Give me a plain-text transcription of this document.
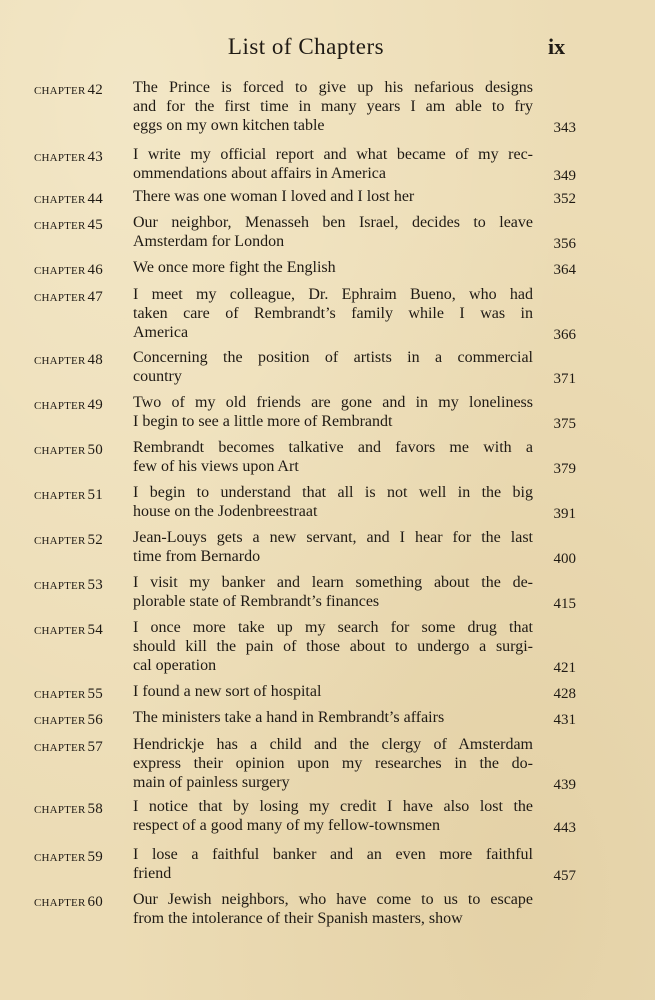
List of Chapters	ix
CHAPTER 42	The Prince is forced to give up his nefarious designs
and for the first time in many years I am able to fry
eggs on my own kitchen table	343
CHAPTER 43	I write my official report and what became of my rec-
ommendations about affairs in America	349
CHAPTER 44	There was one woman I loved and I lost her	352
CHAPTER 45	Our neighbor, Menasseh ben Israel, decides to leave
Amsterdam for London	356
CHAPTER 46	We once more fight the English	364
CHAPTER 47	I meet my colleague, Dr. Ephraim Bueno, who had
taken care of Rembrandt’s family while I was in
America	366
CHAPTER 48	Concerning the position of artists in a commercial
country	371
CHAPTER 49	Two of my old friends are gone and in my loneliness
I begin to see a little more of Rembrandt	375
CHAPTER 50	Rembrandt becomes talkative and favors me with a
few of his views upon Art	379
CHAPTER 51	I begin to understand that all is not well in the big
house on the Jodenbreestraat	391
CHAPTER 52	Jean-Louys gets a new servant, and I hear for the last
time from Bernardo	400
CHAPTER 53	I visit my banker and learn something about the de-
plorable state of Rembrandt’s finances	415
CHAPTER 54	I once more take up my search for some drug that
should kill the pain of those about to undergo a surgi-
cal operation	421
CHAPTER 55	I found a new sort of hospital	428
CHAPTER 56	The ministers take a hand in Rembrandt’s affairs	431
CHAPTER 57	Hendrickje has a child and the clergy of Amsterdam
express their opinion upon my researches in the do-
main of painless surgery	439
CHAPTER 58	I notice that by losing my credit I have also lost the
respect of a good many of my fellow-townsmen	443
CHAPTER 59	I lose a faithful banker and an even more faithful
friend	457
CHAPTER 60	Our Jewish neighbors, who have come to us to escape
from the intolerance of their Spanish masters, show
